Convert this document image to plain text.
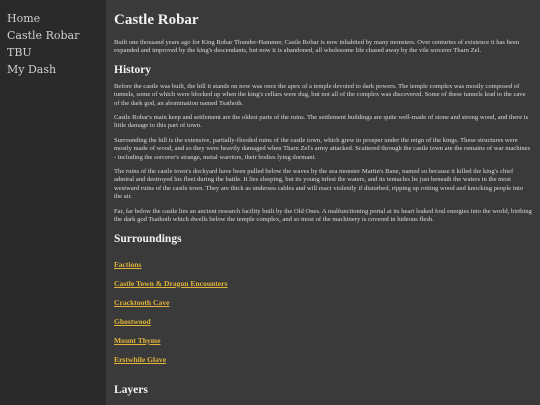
Home
Castle Robar
TBU
My Dash
Castle Robar

Built one thousand years ago for King Robar Thunder-Hammer, Castle Robar is now inhabited by many monsters. Over centuries of existence it has been expanded and improved by the king's descendants, but now it is abandoned, all wholesome life chased away by the vile sorcerer Tharn Zel.

History

Before the castle was built, the hill it stands on now was once the apex of a temple devoted to dark powers. The temple complex was mostly composed of tunnels, some of which were blocked up when the king's cellars were dug, but not all of the complex was discovered. Some of these tunnels lead to the cave of the dark god, an abomination named Tsathoth.

Castle Robar's main keep and settlement are the oldest parts of the ruins. The settlement buildings are quite well-made of stone and strong wood, and there is little damage to this part of town.

Surrounding the hill is the extensive, partially-flooded ruins of the castle town, which grew to prosper under the reign of the kings. These structures were mostly made of wood, and so they were heavily damaged when Tharn Zel's army attacked. Scattered through the castle town are the remains of war machines - including the sorcerer's strange, metal warriors, their bodies lying dormant.

The ruins of the castle town's dockyard have been pulled below the waves by the sea monster Martin's Bane, named so because it killed the king's chief admiral and destroyed his fleet during the battle. It lies sleeping, but its young infest the waters, and its tentacles lie just beneath the waters in the most westward ruins of the castle town. They are thick as undersea cables and will react violently if disturbed, ripping up rotting wood and knocking people into the air.

Far, far below the castle lies an ancient research facility built by the Old Ones. A malfunctioning portal at its heart leaked foul energies into the world, birthing the dark god Tsathoth which dwells below the temple complex, and so most of the machinery is covered in hideous flesh.

Surroundings
Factions
Castle Town & Dragon Encounters
Cracktooth Cave
Ghostwood
Mount Thyme
Erstwhile Glave
Layers
